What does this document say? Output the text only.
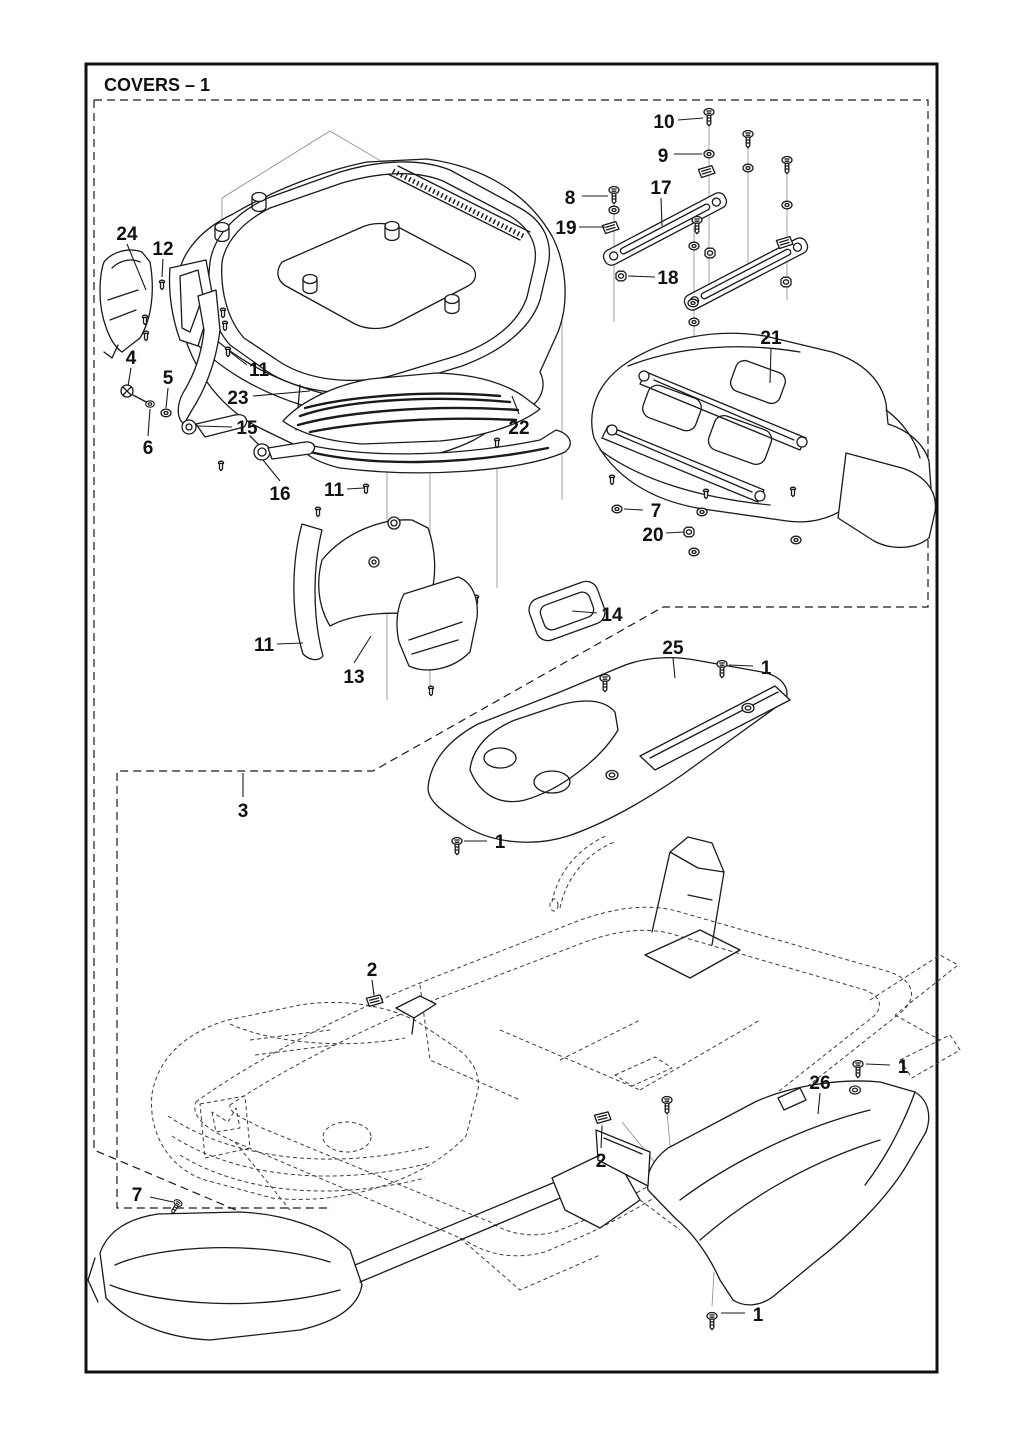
COVERS – 1
24
12
4
5
6
15
23
16
11
11
11
13
22
14
10
9
8	17
19
18
21
7
20
25
1
1
3
2
7
2
26
1
1
